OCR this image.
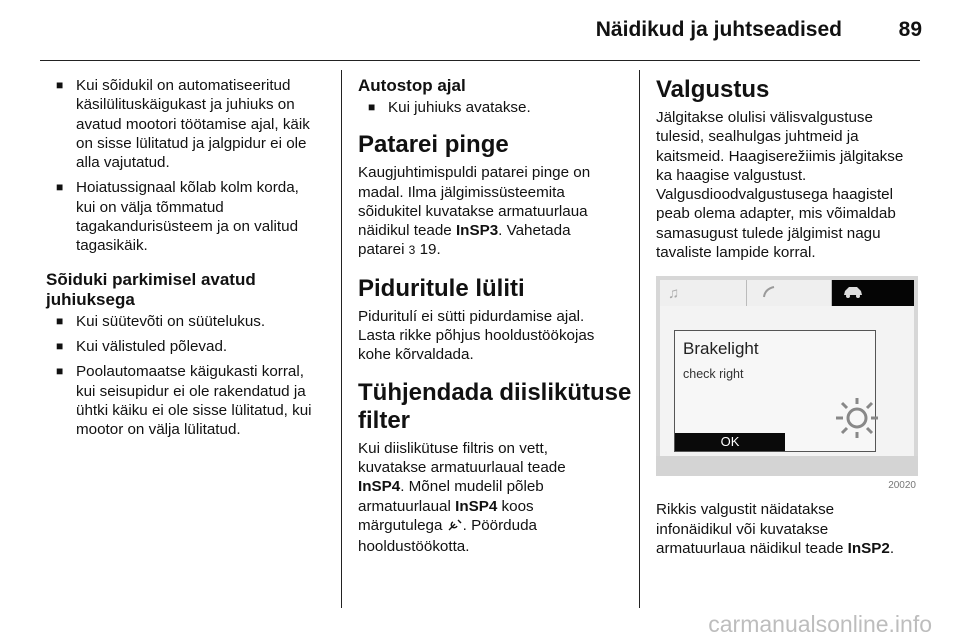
Näidikud ja juhtseadised	89
■ Kui sõidukil on automatiseeritud
käsilülituskäigukast ja juhiuks on
avatud mootori töötamise ajal, käik
on sisse lülitatud ja jalgpidur ei ole
alla vajutatud.
■ Hoiatussignaal kõlab kolm korda,
kui on välja tõmmatud
tagakandurisüsteem ja on valitud
tagasikäik.
Sõiduki parkimisel avatud
juhiuksega
■ Kui süütevõti on süütelukus.
■ Kui välistuled põlevad.
■ Poolautomaatse käigukasti korral,
kui seisupidur ei ole rakendatud ja
ühtki käiku ei ole sisse lülitatud, kui
mootor on välja lülitatud.
Autostop ajal
■ Kui juhiuks avatakse.
Patarei pinge

Kaugjuhtimispuldi patarei pinge on
madal. Ilma jälgimissüsteemita
sõidukitel kuvatakse armatuurlaua
näidikul teade InSP3. Vahetada
patarei 3 19.

Piduritule lüliti

Piduritulí ei sütti pidurdamise ajal.
Lasta rikke põhjus hooldustöökojas
kohe kõrvaldada.

Tühjendada diislikütuse
filter

Kui diislikütuse filtris on vett,
kuvatakse armatuurlaual teade
InSP4. Mõnel mudelil põleb
armatuurlaual InSP4 koos
märgutulega . Pöörduda
hooldustöökotta.

Valgustus

Jälgitakse olulisi välisvalgustuse
tulesid, sealhulgas juhtmeid ja
kaitsmeid. Haagiserežiimis jälgitakse
ka haagise valgustust.
Valgusdioodvalgustusega haagistel
peab olema adapter, mis võimaldab
samasugust tulede jälgimist nagu
tavaliste lampide korral.

♫
Brakelight
check right
OK
20020

Rikkis valgustit näidatakse
infonäidikul või kuvatakse
armatuurlaua näidikul teade InSP2.

carmanualsonline.info
